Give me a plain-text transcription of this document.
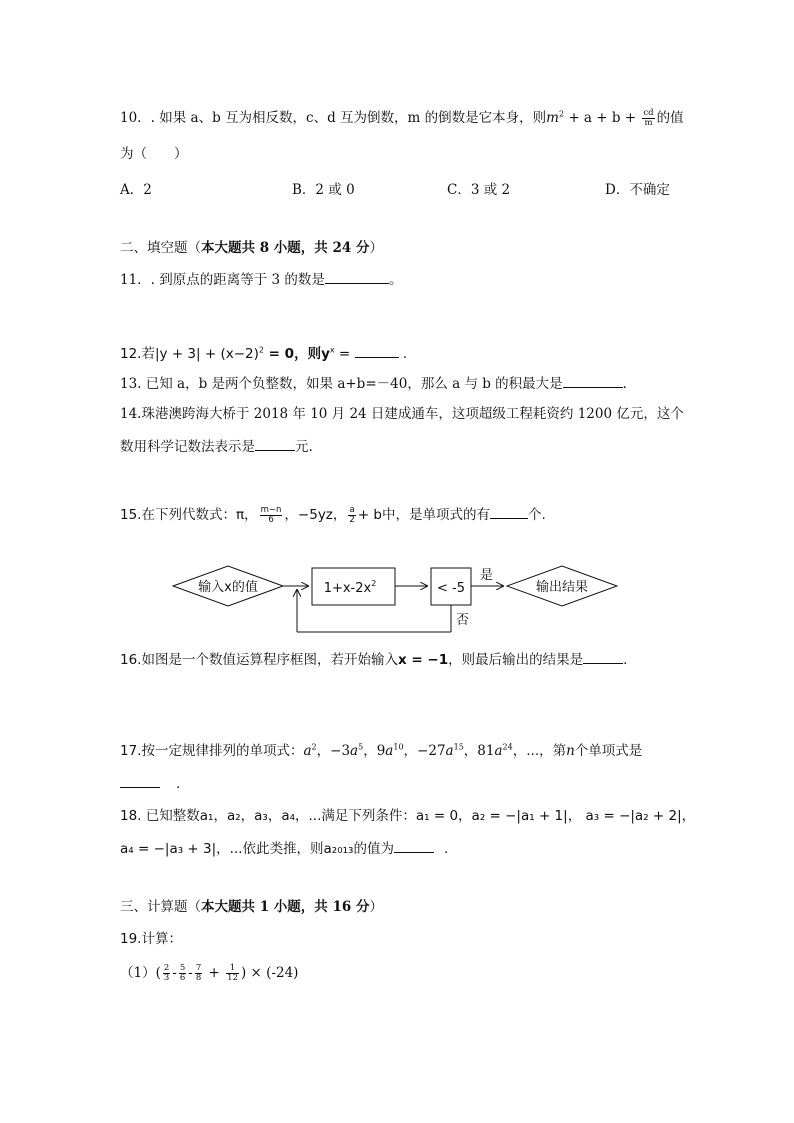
10．. 如果 a、b 互为相反数，c、d 互为倒数，m 的倒数是它本身，则$m^2 + a + b + \frac{cd}{m}$ 的值
为（　　）
A．2	B．2 或 0	C．3 或 2	D．不确定
二、填空题（本大题共 8 小题，共 24 分）
11．. 到原点的距离等于 3 的数是	。
12.若$|y + 3| + (x-2)^2 = 0$，则$y^x$ =	.
13. 已知 a，b 是两个负整数，如果 a+b=－40，那么 a 与 b 的积最大是	.
14.珠港澳跨海大桥于 2018 年 10 月 24 日建成通车，这项超级工程耗资约 1200 亿元，这个
数用科学记数法表示是	元.
15.在下列代数式：π， $\frac{m-n}{6}$ ，−5yz， $\frac{a}{2} + b$中，是单项式的有	个.
输入x的值	$1+x-2x^2$	< -5
是
输出结果
否
16.如图是一个数值运算程序框图，若开始输入x = −1，则最后输出的结果是	.
17.按一定规律排列的单项式：$a^2$，$-3a^5$，$9a^{10}$，$-27a^{15}$，$81a^{24}$，...，第n个单项式是
.
18. 已知整数a₁，a₂，a₃，a₄，...满足下列条件：a₁ = 0，a₂ = −|a₁ + 1|， a₃ = −|a₂ + 2|，
a₄ = −|a₃ + 3|，...依此类推，则a₂₀₁₃的值为	.
三、计算题（本大题共 1 小题，共 16 分）
19.计算：
$(1)( \frac{2}{3} - \frac{5}{6} - \frac{7}{8} + \frac{1}{12}$ ) × (-24)
